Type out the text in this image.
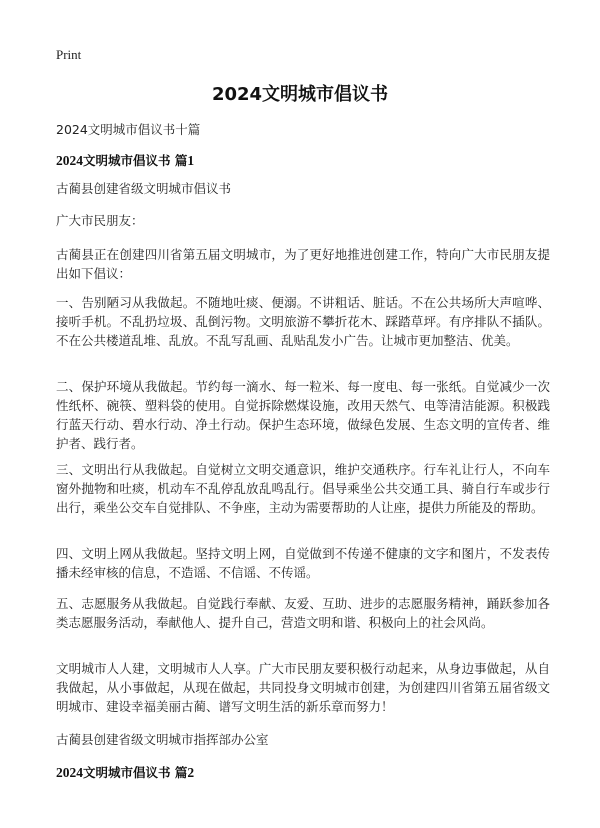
Print
2024文明城市倡议书
2024文明城市倡议书十篇
2024文明城市倡议书 篇1
古蔺县创建省级文明城市倡议书
广大市民朋友：
古蔺县正在创建四川省第五届文明城市，为了更好地推进创建工作，特向广大市民朋友提出如下倡议：
一、告别陋习从我做起。不随地吐痰、便溺。不讲粗话、脏话。不在公共场所大声喧哗、接听手机。不乱扔垃圾、乱倒污物。文明旅游不攀折花木、踩踏草坪。有序排队不插队。不在公共楼道乱堆、乱放。不乱写乱画、乱贴乱发小广告。让城市更加整洁、优美。
二、保护环境从我做起。节约每一滴水、每一粒米、每一度电、每一张纸。自觉减少一次性纸杯、碗筷、塑料袋的使用。自觉拆除燃煤设施，改用天然气、电等清洁能源。积极践行蓝天行动、碧水行动、净土行动。保护生态环境，做绿色发展、生态文明的宣传者、维护者、践行者。
三、文明出行从我做起。自觉树立文明交通意识，维护交通秩序。行车礼让行人，不向车窗外抛物和吐痰，机动车不乱停乱放乱鸣乱行。倡导乘坐公共交通工具、骑自行车或步行出行，乘坐公交车自觉排队、不争座，主动为需要帮助的人让座，提供力所能及的帮助。
四、文明上网从我做起。坚持文明上网，自觉做到不传递不健康的文字和图片，不发表传播未经审核的信息，不造谣、不信谣、不传谣。
五、志愿服务从我做起。自觉践行奉献、友爱、互助、进步的志愿服务精神，踊跃参加各类志愿服务活动，奉献他人、提升自己，营造文明和谐、积极向上的社会风尚。
文明城市人人建，文明城市人人享。广大市民朋友要积极行动起来，从身边事做起，从自我做起，从小事做起，从现在做起，共同投身文明城市创建，为创建四川省第五届省级文明城市、建设幸福美丽古蔺、谱写文明生活的新乐章而努力！
古蔺县创建省级文明城市指挥部办公室
2024文明城市倡议书 篇2
